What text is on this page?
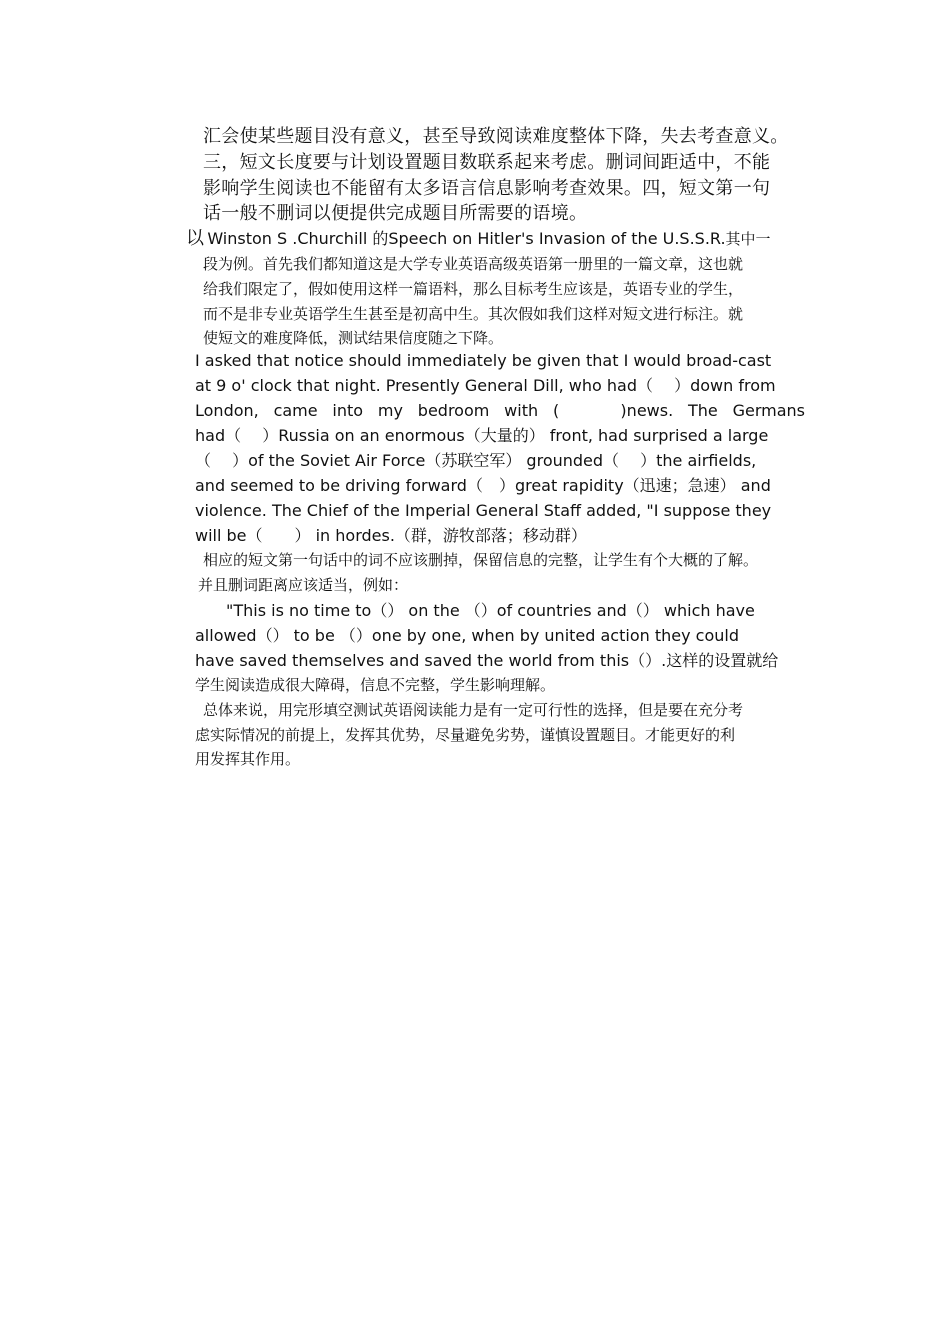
汇会使某些题目没有意义，甚至导致阅读难度整体下降，失去考查意义。
三，短文长度要与计划设置题目数联系起来考虑。删词间距适中，不能
影响学生阅读也不能留有太多语言信息影响考查效果。四，短文第一句
话一般不删词以便提供完成题目所需要的语境。
以 Winston S .Churchill 的Speech on Hitler's Invasion of the U.S.S.R.其中一
段为例。首先我们都知道这是大学专业英语高级英语第一册里的一篇文章，这也就
给我们限定了，假如使用这样一篇语料，那么目标考生应该是，英语专业的学生，
而不是非专业英语学生生甚至是初高中生。其次假如我们这样对短文进行标注。就
使短文的难度降低，测试结果信度随之下降。
I asked that notice should immediately be given that I would broad-cast
at 9 o' clock that night. Presently General Dill, who had（　 ）down from
London, came into my bedroom with (　　)news. The Germans
had（　 ）Russia on an enormous（大量的） front, had surprised a large
（　 ）of the Soviet Air Force（苏联空军） grounded（　 ）the airfields,
and seemed to be driving forward（　）great rapidity（迅速；急速） and
violence. The Chief of the Imperial General Staff added, "I suppose they
will be（　　） in hordes.（群，游牧部落；移动群）
相应的短文第一句话中的词不应该删掉，保留信息的完整，让学生有个大概的了解。
并且删词距离应该适当，例如：
"This is no time to（） on the （）of countries and（） which have
allowed（） to be （）one by one, when by united action they could
have saved themselves and saved the world from this（）.这样的设置就给
学生阅读造成很大障碍，信息不完整，学生影响理解。
总体来说，用完形填空测试英语阅读能力是有一定可行性的选择，但是要在充分考
虑实际情况的前提上，发挥其优势，尽量避免劣势，谨慎设置题目。才能更好的利
用发挥其作用。
